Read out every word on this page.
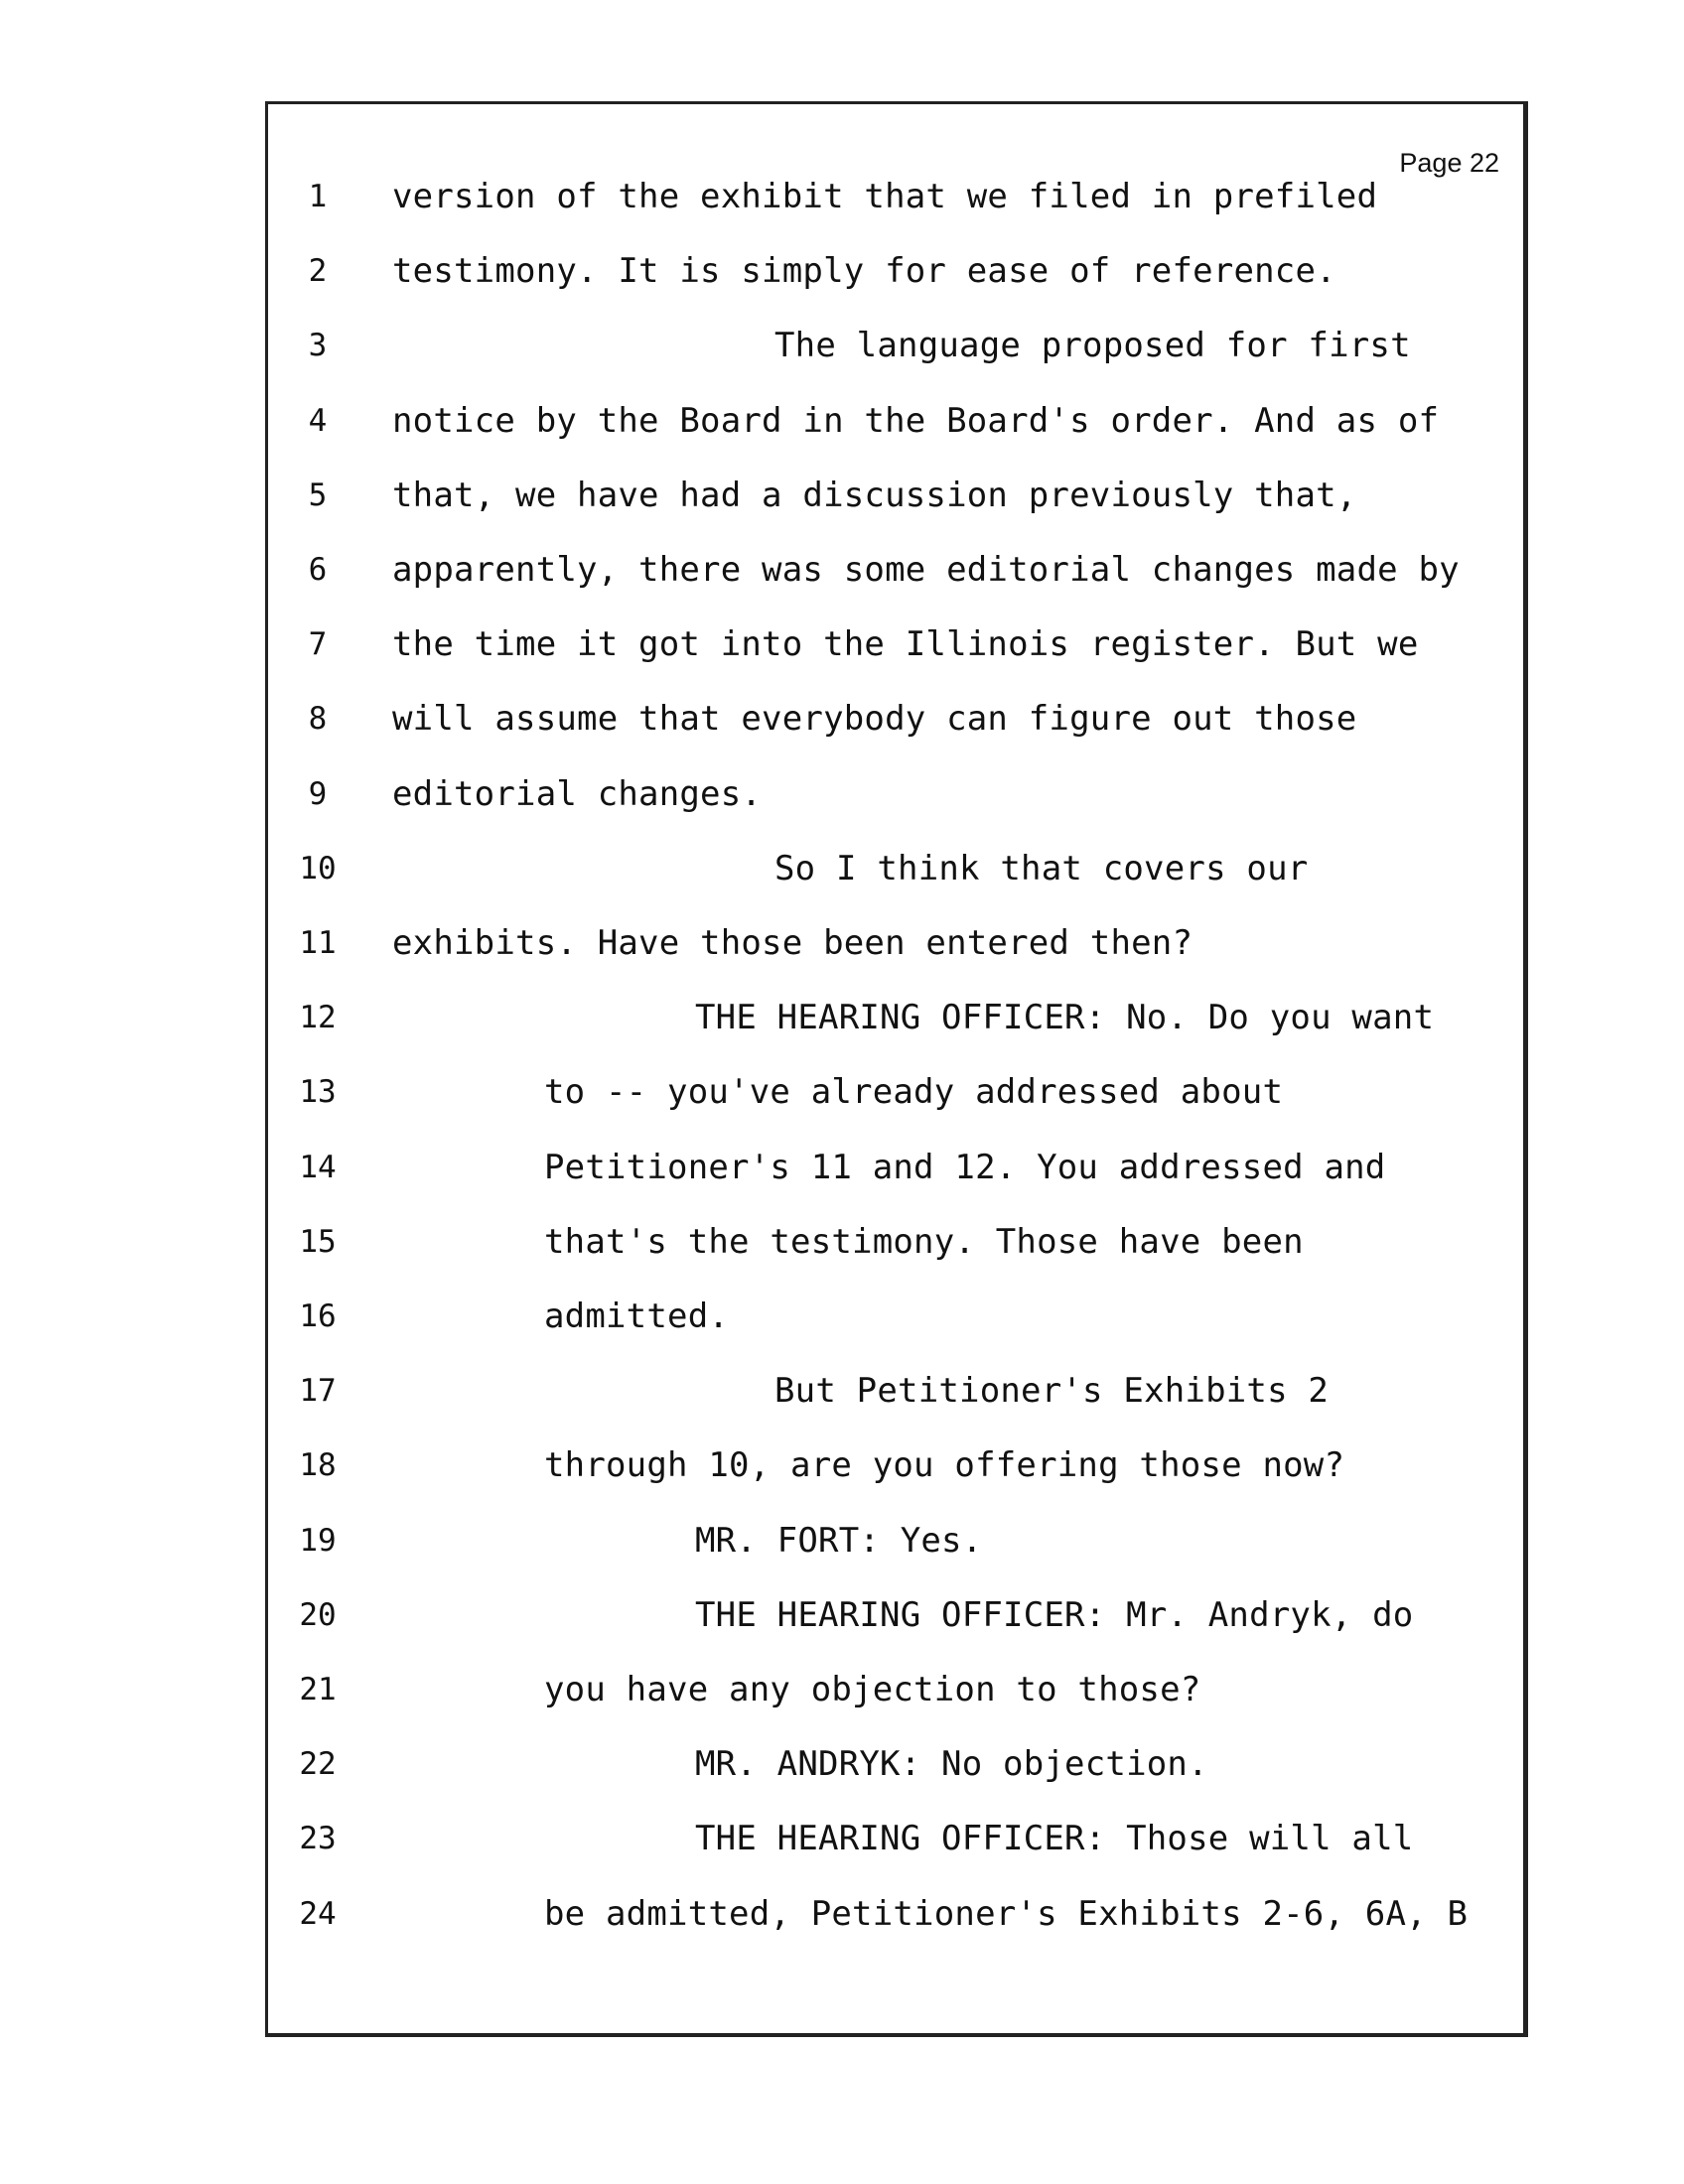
Page 22
1	version of the exhibit that we filed in prefiled
2	testimony. It is simply for ease of reference.
3	The language proposed for first
4	notice by the Board in the Board's order. And as of
5	that, we have had a discussion previously that,
6	apparently, there was some editorial changes made by
7	the time it got into the Illinois register. But we
8	will assume that everybody can figure out those
9	editorial changes.
10	So I think that covers our
11	exhibits. Have those been entered then?
12	THE HEARING OFFICER: No. Do you want
13	to -- you've already addressed about
14	Petitioner's 11 and 12. You addressed and
15	that's the testimony. Those have been
16	admitted.
17	But Petitioner's Exhibits 2
18	through 10, are you offering those now?
19	MR. FORT: Yes.
20	THE HEARING OFFICER: Mr. Andryk, do
21	you have any objection to those?
22	MR. ANDRYK: No objection.
23	THE HEARING OFFICER: Those will all
24	be admitted, Petitioner's Exhibits 2-6, 6A, B
